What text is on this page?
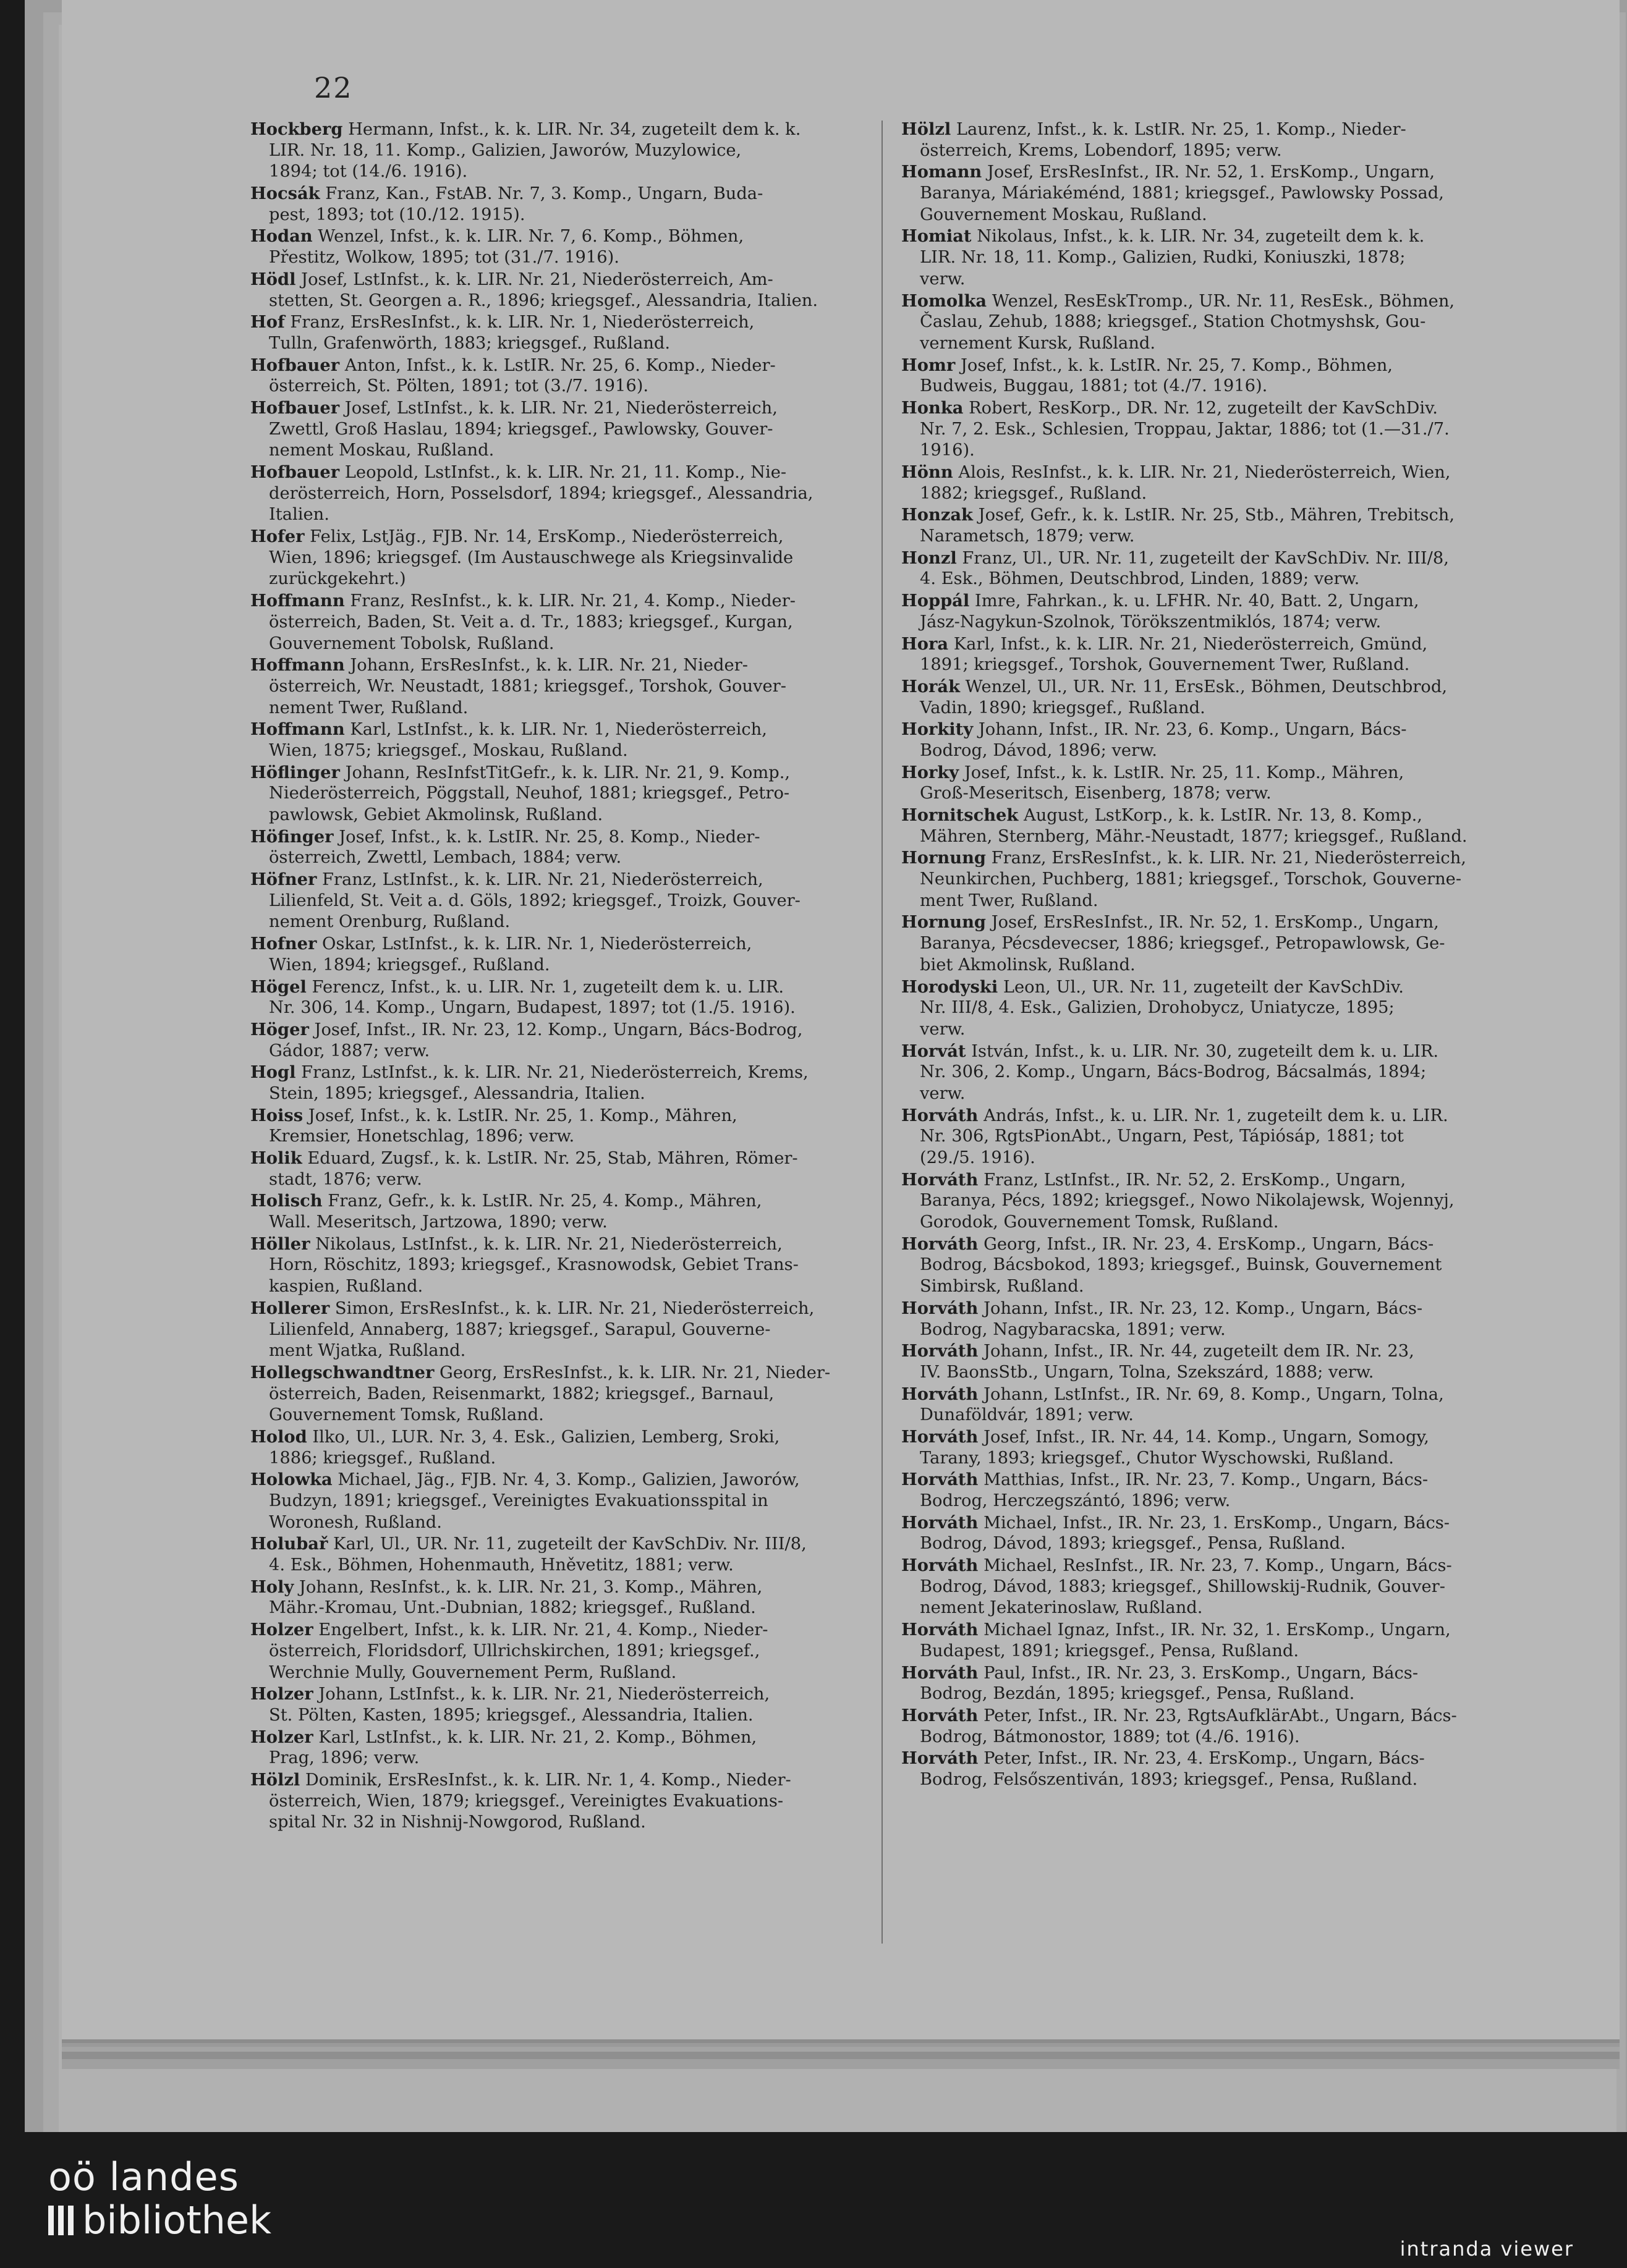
22
Hockberg Hermann, Infst., k. k. LIR. Nr. 34, zugeteilt dem k. k.
LIR. Nr. 18, 11. Komp., Galizien, Jaworów, Muzylowice,
1894; tot (14./6. 1916).
Hocsák Franz, Kan., FstAB. Nr. 7, 3. Komp., Ungarn, Buda-
pest, 1893; tot (10./12. 1915).
Hodan Wenzel, Infst., k. k. LIR. Nr. 7, 6. Komp., Böhmen,
Přestitz, Wolkow, 1895; tot (31./7. 1916).
Hödl Josef, LstInfst., k. k. LIR. Nr. 21, Niederösterreich, Am-
stetten, St. Georgen a. R., 1896; kriegsgef., Alessandria, Italien.
Hof Franz, ErsResInfst., k. k. LIR. Nr. 1, Niederösterreich,
Tulln, Grafenwörth, 1883; kriegsgef., Rußland.
Hofbauer Anton, Infst., k. k. LstIR. Nr. 25, 6. Komp., Nieder-
österreich, St. Pölten, 1891; tot (3./7. 1916).
Hofbauer Josef, LstInfst., k. k. LIR. Nr. 21, Niederösterreich,
Zwettl, Groß Haslau, 1894; kriegsgef., Pawlowsky, Gouver-
nement Moskau, Rußland.
Hofbauer Leopold, LstInfst., k. k. LIR. Nr. 21, 11. Komp., Nie-
derösterreich, Horn, Posselsdorf, 1894; kriegsgef., Alessandria,
Italien.
Hofer Felix, LstJäg., FJB. Nr. 14, ErsKomp., Niederösterreich,
Wien, 1896; kriegsgef. (Im Austauschwege als Kriegsinvalide
zurückgekehrt.)
Hoffmann Franz, ResInfst., k. k. LIR. Nr. 21, 4. Komp., Nieder-
österreich, Baden, St. Veit a. d. Tr., 1883; kriegsgef., Kurgan,
Gouvernement Tobolsk, Rußland.
Hoffmann Johann, ErsResInfst., k. k. LIR. Nr. 21, Nieder-
österreich, Wr. Neustadt, 1881; kriegsgef., Torshok, Gouver-
nement Twer, Rußland.
Hoffmann Karl, LstInfst., k. k. LIR. Nr. 1, Niederösterreich,
Wien, 1875; kriegsgef., Moskau, Rußland.
Höflinger Johann, ResInfstTitGefr., k. k. LIR. Nr. 21, 9. Komp.,
Niederösterreich, Pöggstall, Neuhof, 1881; kriegsgef., Petro-
pawlowsk, Gebiet Akmolinsk, Rußland.
Höfinger Josef, Infst., k. k. LstIR. Nr. 25, 8. Komp., Nieder-
österreich, Zwettl, Lembach, 1884; verw.
Höfner Franz, LstInfst., k. k. LIR. Nr. 21, Niederösterreich,
Lilienfeld, St. Veit a. d. Göls, 1892; kriegsgef., Troizk, Gouver-
nement Orenburg, Rußland.
Hofner Oskar, LstInfst., k. k. LIR. Nr. 1, Niederösterreich,
Wien, 1894; kriegsgef., Rußland.
Högel Ferencz, Infst., k. u. LIR. Nr. 1, zugeteilt dem k. u. LIR.
Nr. 306, 14. Komp., Ungarn, Budapest, 1897; tot (1./5. 1916).
Höger Josef, Infst., IR. Nr. 23, 12. Komp., Ungarn, Bács-Bodrog,
Gádor, 1887; verw.
Hogl Franz, LstInfst., k. k. LIR. Nr. 21, Niederösterreich, Krems,
Stein, 1895; kriegsgef., Alessandria, Italien.
Hoiss Josef, Infst., k. k. LstIR. Nr. 25, 1. Komp., Mähren,
Kremsier, Honetschlag, 1896; verw.
Holik Eduard, Zugsf., k. k. LstIR. Nr. 25, Stab, Mähren, Römer-
stadt, 1876; verw.
Holisch Franz, Gefr., k. k. LstIR. Nr. 25, 4. Komp., Mähren,
Wall. Meseritsch, Jartzowa, 1890; verw.
Höller Nikolaus, LstInfst., k. k. LIR. Nr. 21, Niederösterreich,
Horn, Röschitz, 1893; kriegsgef., Krasnowodsk, Gebiet Trans-
kaspien, Rußland.
Hollerer Simon, ErsResInfst., k. k. LIR. Nr. 21, Niederösterreich,
Lilienfeld, Annaberg, 1887; kriegsgef., Sarapul, Gouverne-
ment Wjatka, Rußland.
Hollegschwandtner Georg, ErsResInfst., k. k. LIR. Nr. 21, Nieder-
österreich, Baden, Reisenmarkt, 1882; kriegsgef., Barnaul,
Gouvernement Tomsk, Rußland.
Holod Ilko, Ul., LUR. Nr. 3, 4. Esk., Galizien, Lemberg, Sroki,
1886; kriegsgef., Rußland.
Holowka Michael, Jäg., FJB. Nr. 4, 3. Komp., Galizien, Jaworów,
Budzyn, 1891; kriegsgef., Vereinigtes Evakuationsspital in
Woronesh, Rußland.
Holubař Karl, Ul., UR. Nr. 11, zugeteilt der KavSchDiv. Nr. III/8,
4. Esk., Böhmen, Hohenmauth, Hněvetitz, 1881; verw.
Holy Johann, ResInfst., k. k. LIR. Nr. 21, 3. Komp., Mähren,
Mähr.-Kromau, Unt.-Dubnian, 1882; kriegsgef., Rußland.
Holzer Engelbert, Infst., k. k. LIR. Nr. 21, 4. Komp., Nieder-
österreich, Floridsdorf, Ullrichskirchen, 1891; kriegsgef.,
Werchnie Mully, Gouvernement Perm, Rußland.
Holzer Johann, LstInfst., k. k. LIR. Nr. 21, Niederösterreich,
St. Pölten, Kasten, 1895; kriegsgef., Alessandria, Italien.
Holzer Karl, LstInfst., k. k. LIR. Nr. 21, 2. Komp., Böhmen,
Prag, 1896; verw.
Hölzl Dominik, ErsResInfst., k. k. LIR. Nr. 1, 4. Komp., Nieder-
österreich, Wien, 1879; kriegsgef., Vereinigtes Evakuations-
spital Nr. 32 in Nishnij-Nowgorod, Rußland.
Hölzl Laurenz, Infst., k. k. LstIR. Nr. 25, 1. Komp., Nieder-
österreich, Krems, Lobendorf, 1895; verw.
Homann Josef, ErsResInfst., IR. Nr. 52, 1. ErsKomp., Ungarn,
Baranya, Máriakéménd, 1881; kriegsgef., Pawlowsky Possad,
Gouvernement Moskau, Rußland.
Homiat Nikolaus, Infst., k. k. LIR. Nr. 34, zugeteilt dem k. k.
LIR. Nr. 18, 11. Komp., Galizien, Rudki, Koniuszki, 1878;
verw.
Homolka Wenzel, ResEskTromp., UR. Nr. 11, ResEsk., Böhmen,
Časlau, Zehub, 1888; kriegsgef., Station Chotmyshsk, Gou-
vernement Kursk, Rußland.
Homr Josef, Infst., k. k. LstIR. Nr. 25, 7. Komp., Böhmen,
Budweis, Buggau, 1881; tot (4./7. 1916).
Honka Robert, ResKorp., DR. Nr. 12, zugeteilt der KavSchDiv.
Nr. 7, 2. Esk., Schlesien, Troppau, Jaktar, 1886; tot (1.—31./7.
1916).
Hönn Alois, ResInfst., k. k. LIR. Nr. 21, Niederösterreich, Wien,
1882; kriegsgef., Rußland.
Honzak Josef, Gefr., k. k. LstIR. Nr. 25, Stb., Mähren, Trebitsch,
Narametsch, 1879; verw.
Honzl Franz, Ul., UR. Nr. 11, zugeteilt der KavSchDiv. Nr. III/8,
4. Esk., Böhmen, Deutschbrod, Linden, 1889; verw.
Hoppál Imre, Fahrkan., k. u. LFHR. Nr. 40, Batt. 2, Ungarn,
Jász-Nagykun-Szolnok, Törökszentmiklós, 1874; verw.
Hora Karl, Infst., k. k. LIR. Nr. 21, Niederösterreich, Gmünd,
1891; kriegsgef., Torshok, Gouvernement Twer, Rußland.
Horák Wenzel, Ul., UR. Nr. 11, ErsEsk., Böhmen, Deutschbrod,
Vadin, 1890; kriegsgef., Rußland.
Horkity Johann, Infst., IR. Nr. 23, 6. Komp., Ungarn, Bács-
Bodrog, Dávod, 1896; verw.
Horky Josef, Infst., k. k. LstIR. Nr. 25, 11. Komp., Mähren,
Groß-Meseritsch, Eisenberg, 1878; verw.
Hornitschek August, LstKorp., k. k. LstIR. Nr. 13, 8. Komp.,
Mähren, Sternberg, Mähr.-Neustadt, 1877; kriegsgef., Rußland.
Hornung Franz, ErsResInfst., k. k. LIR. Nr. 21, Niederösterreich,
Neunkirchen, Puchberg, 1881; kriegsgef., Torschok, Gouverne-
ment Twer, Rußland.
Hornung Josef, ErsResInfst., IR. Nr. 52, 1. ErsKomp., Ungarn,
Baranya, Pécsdevecser, 1886; kriegsgef., Petropawlowsk, Ge-
biet Akmolinsk, Rußland.
Horodyski Leon, Ul., UR. Nr. 11, zugeteilt der KavSchDiv.
Nr. III/8, 4. Esk., Galizien, Drohobycz, Uniatycze, 1895;
verw.
Horvát István, Infst., k. u. LIR. Nr. 30, zugeteilt dem k. u. LIR.
Nr. 306, 2. Komp., Ungarn, Bács-Bodrog, Bácsalmás, 1894;
verw.
Horváth András, Infst., k. u. LIR. Nr. 1, zugeteilt dem k. u. LIR.
Nr. 306, RgtsPionAbt., Ungarn, Pest, Tápiósáp, 1881; tot
(29./5. 1916).
Horváth Franz, LstInfst., IR. Nr. 52, 2. ErsKomp., Ungarn,
Baranya, Pécs, 1892; kriegsgef., Nowo Nikolajewsk, Wojennyj,
Gorodok, Gouvernement Tomsk, Rußland.
Horváth Georg, Infst., IR. Nr. 23, 4. ErsKomp., Ungarn, Bács-
Bodrog, Bácsbokod, 1893; kriegsgef., Buinsk, Gouvernement
Simbirsk, Rußland.
Horváth Johann, Infst., IR. Nr. 23, 12. Komp., Ungarn, Bács-
Bodrog, Nagybaracska, 1891; verw.
Horváth Johann, Infst., IR. Nr. 44, zugeteilt dem IR. Nr. 23,
IV. BaonsStb., Ungarn, Tolna, Szekszárd, 1888; verw.
Horváth Johann, LstInfst., IR. Nr. 69, 8. Komp., Ungarn, Tolna,
Dunaföldvár, 1891; verw.
Horváth Josef, Infst., IR. Nr. 44, 14. Komp., Ungarn, Somogy,
Tarany, 1893; kriegsgef., Chutor Wyschowski, Rußland.
Horváth Matthias, Infst., IR. Nr. 23, 7. Komp., Ungarn, Bács-
Bodrog, Herczegszántó, 1896; verw.
Horváth Michael, Infst., IR. Nr. 23, 1. ErsKomp., Ungarn, Bács-
Bodrog, Dávod, 1893; kriegsgef., Pensa, Rußland.
Horváth Michael, ResInfst., IR. Nr. 23, 7. Komp., Ungarn, Bács-
Bodrog, Dávod, 1883; kriegsgef., Shillowskij-Rudnik, Gouver-
nement Jekaterinoslaw, Rußland.
Horváth Michael Ignaz, Infst., IR. Nr. 32, 1. ErsKomp., Ungarn,
Budapest, 1891; kriegsgef., Pensa, Rußland.
Horváth Paul, Infst., IR. Nr. 23, 3. ErsKomp., Ungarn, Bács-
Bodrog, Bezdán, 1895; kriegsgef., Pensa, Rußland.
Horváth Peter, Infst., IR. Nr. 23, RgtsAufklärAbt., Ungarn, Bács-
Bodrog, Bátmonostor, 1889; tot (4./6. 1916).
Horváth Peter, Infst., IR. Nr. 23, 4. ErsKomp., Ungarn, Bács-
Bodrog, Felsőszentiván, 1893; kriegsgef., Pensa, Rußland.
oö landes
bibliothek
intranda viewer
